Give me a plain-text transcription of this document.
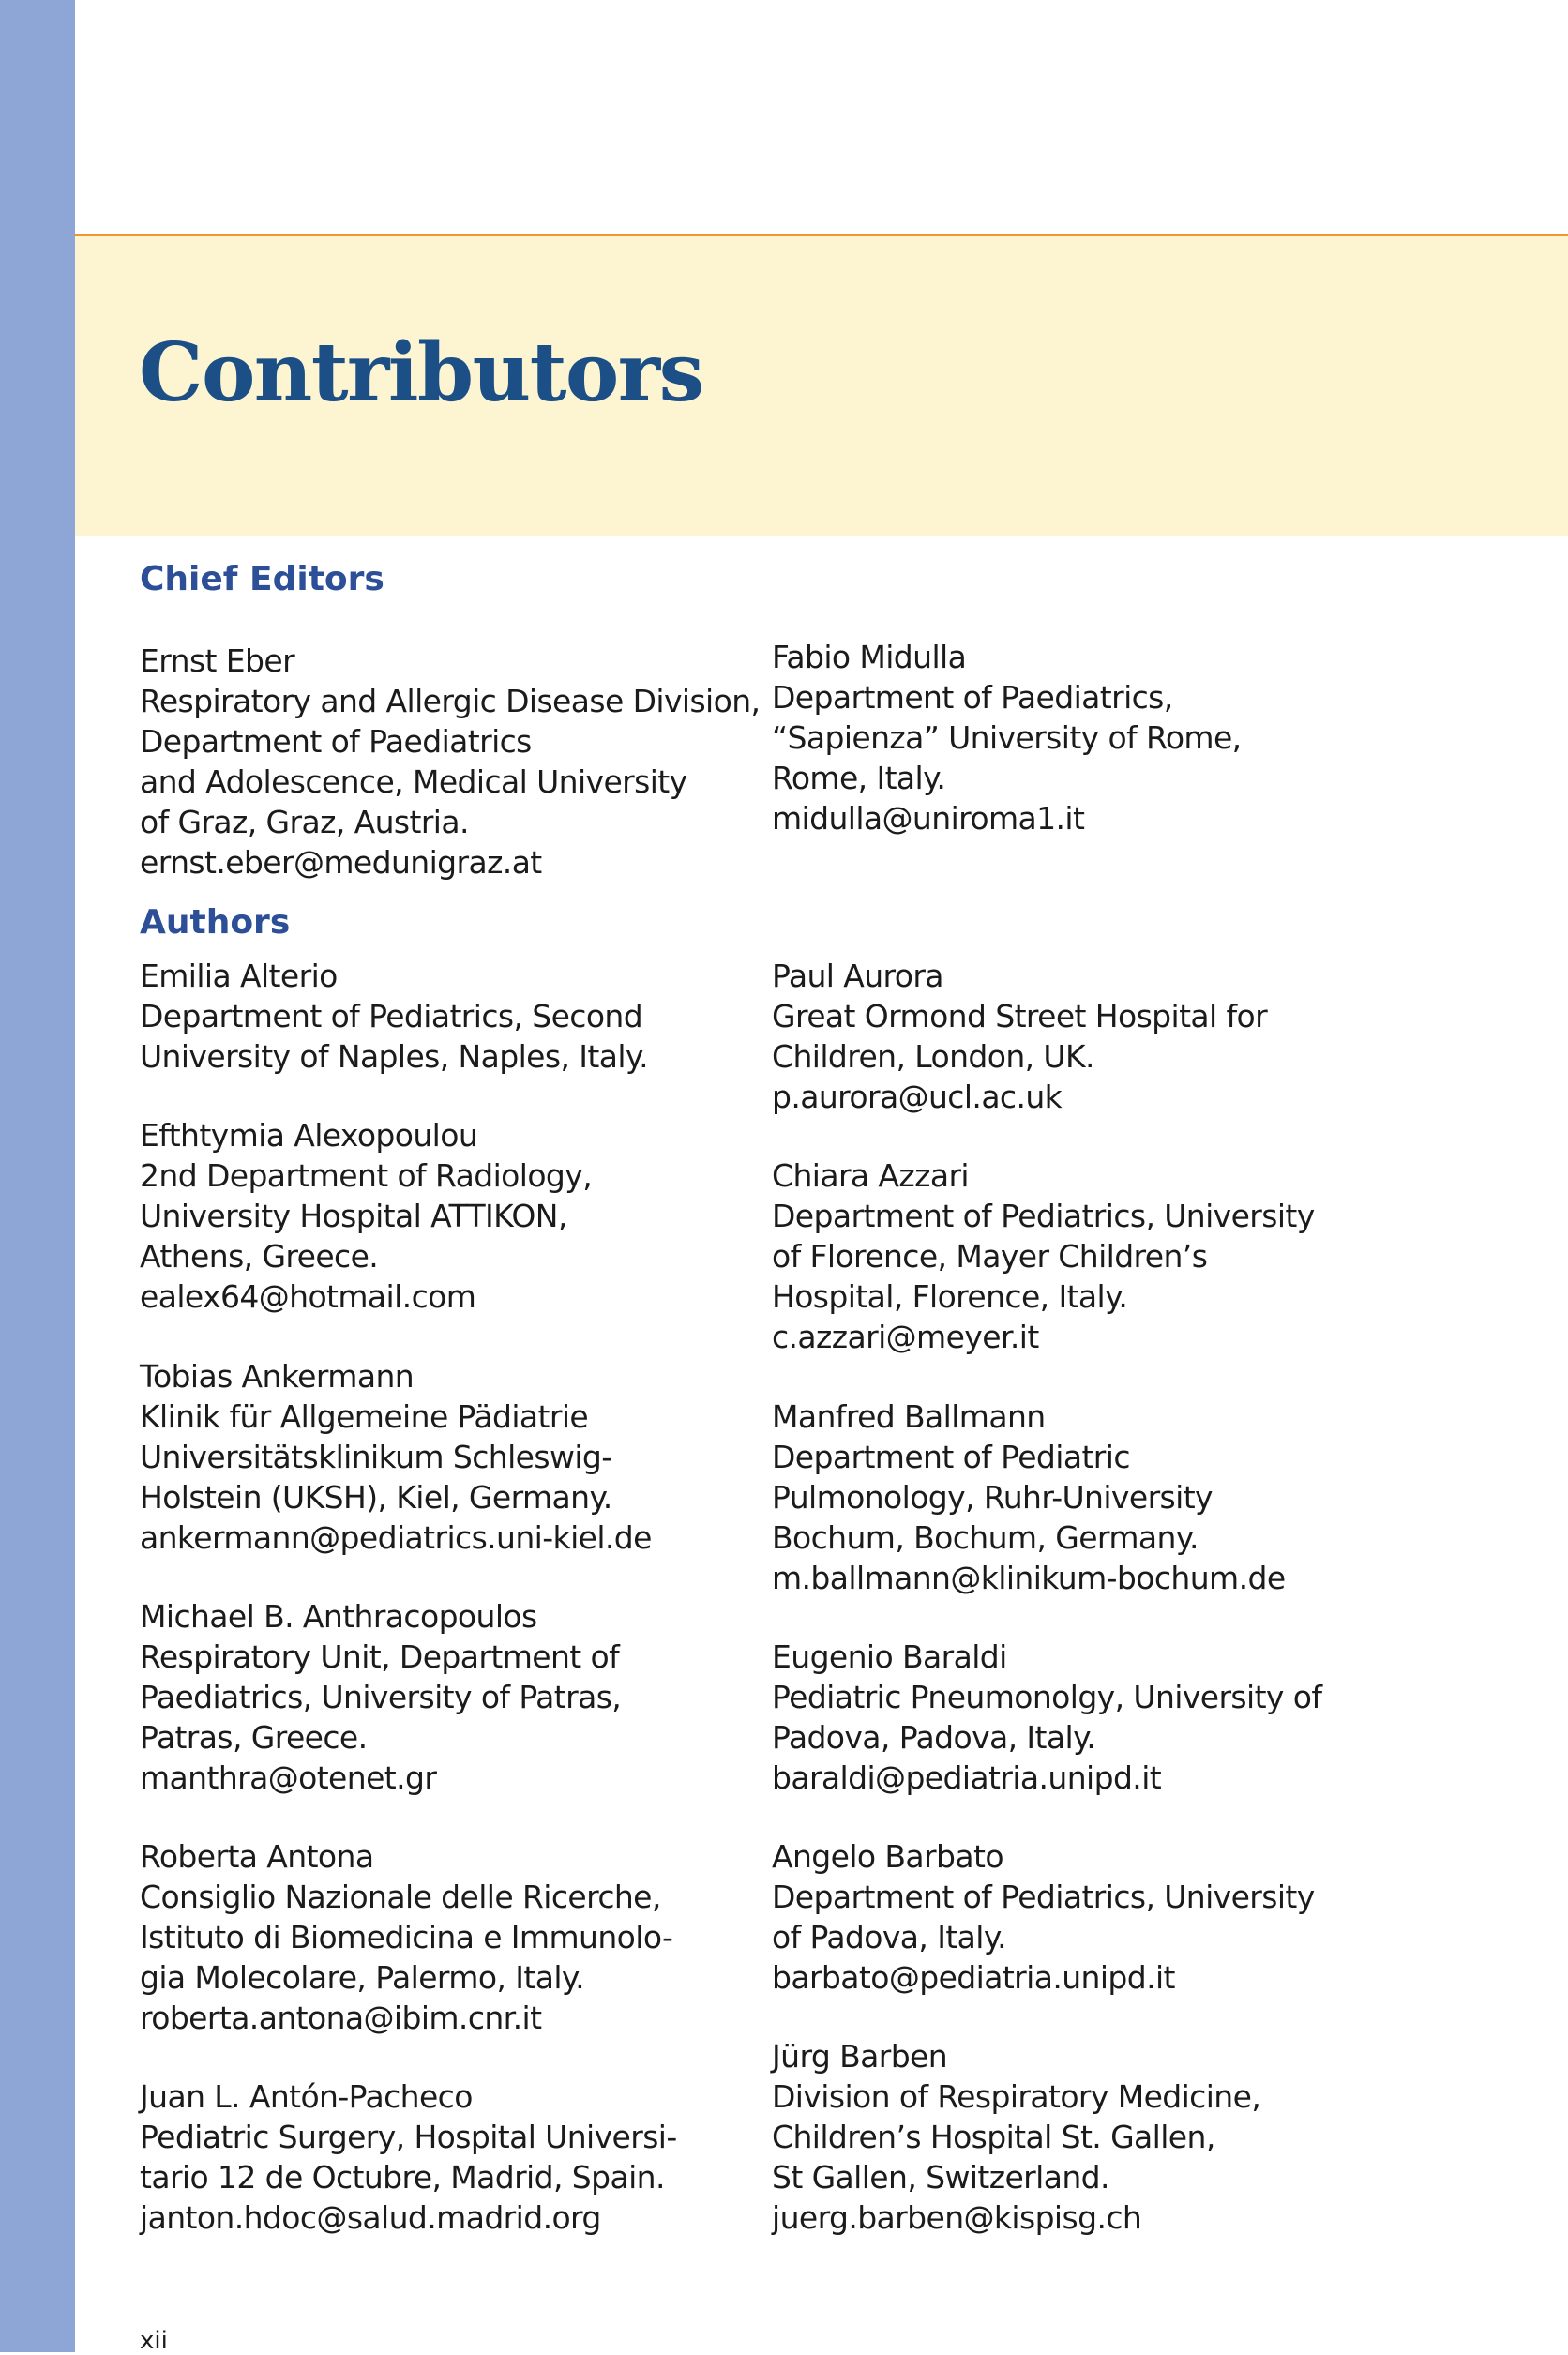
Contributors
Chief Editors
Ernst Eber
Respiratory and Allergic Disease Division,
Department of Paediatrics
and Adolescence, Medical University
of Graz, Graz, Austria.
ernst.eber@medunigraz.at
Fabio Midulla
Department of Paediatrics,
“Sapienza” University of Rome,
Rome, Italy.
midulla@uniroma1.it
Authors
Emilia Alterio
Department of Pediatrics, Second
University of Naples, Naples, Italy.
Efthtymia Alexopoulou
2nd Department of Radiology,
University Hospital ATTIKON,
Athens, Greece.
ealex64@hotmail.com
Tobias Ankermann
Klinik für Allgemeine Pädiatrie
Universitätsklinikum Schleswig-
Holstein (UKSH), Kiel, Germany.
ankermann@pediatrics.uni-kiel.de
Michael B. Anthracopoulos
Respiratory Unit, Department of
Paediatrics, University of Patras,
Patras, Greece.
manthra@otenet.gr
Roberta Antona
Consiglio Nazionale delle Ricerche,
Istituto di Biomedicina e Immunolo-
gia Molecolare, Palermo, Italy.
roberta.antona@ibim.cnr.it
Juan L. Antón-Pacheco
Pediatric Surgery, Hospital Universi-
tario 12 de Octubre, Madrid, Spain.
janton.hdoc@salud.madrid.org
Paul Aurora
Great Ormond Street Hospital for
Children, London, UK.
p.aurora@ucl.ac.uk
Chiara Azzari
Department of Pediatrics, University
of Florence, Mayer Children’s
Hospital, Florence, Italy.
c.azzari@meyer.it
Manfred Ballmann
Department of Pediatric
Pulmonology, Ruhr-University
Bochum, Bochum, Germany.
m.ballmann@klinikum-bochum.de
Eugenio Baraldi
Pediatric Pneumonolgy, University of
Padova, Padova, Italy.
baraldi@pediatria.unipd.it
Angelo Barbato
Department of Pediatrics, University
of Padova, Italy.
barbato@pediatria.unipd.it
Jürg Barben
Division of Respiratory Medicine,
Children’s Hospital St. Gallen,
St Gallen, Switzerland.
juerg.barben@kispisg.ch
xii
